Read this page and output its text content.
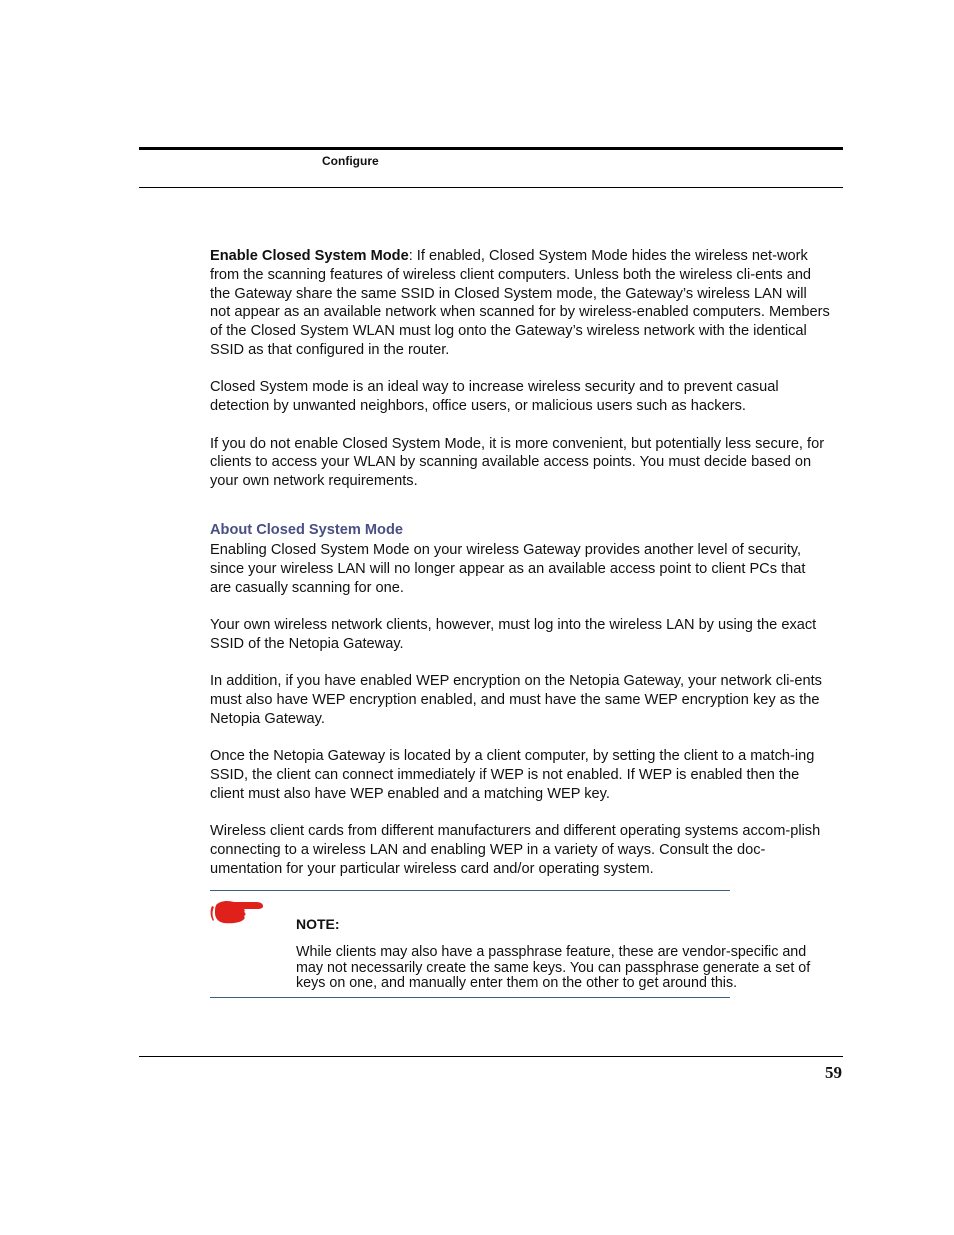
Configure

Enable Closed System Mode: If enabled, Closed System Mode hides the wireless net-work from the scanning features of wireless client computers. Unless both the wireless cli-ents and the Gateway share the same SSID in Closed System mode, the Gateway’s wireless LAN will not appear as an available network when scanned for by wireless-enabled computers. Members of the Closed System WLAN must log onto the Gateway’s wireless network with the identical SSID as that configured in the router.

Closed System mode is an ideal way to increase wireless security and to prevent casual detection by unwanted neighbors, office users, or malicious users such as hackers.

If you do not enable Closed System Mode, it is more convenient, but potentially less secure, for clients to access your WLAN by scanning available access points. You must decide based on your own network requirements.

About Closed System Mode

Enabling Closed System Mode on your wireless Gateway provides another level of security, since your wireless LAN will no longer appear as an available access point to client PCs that are casually scanning for one.

Your own wireless network clients, however, must log into the wireless LAN by using the exact SSID of the Netopia Gateway.

In addition, if you have enabled WEP encryption on the Netopia Gateway, your network cli-ents must also have WEP encryption enabled, and must have the same WEP encryption key as the Netopia Gateway.

Once the Netopia Gateway is located by a client computer, by setting the client to a match-ing SSID, the client can connect immediately if WEP is not enabled. If WEP is enabled then the client must also have WEP enabled and a matching WEP key.

Wireless client cards from different manufacturers and different operating systems accom-plish connecting to a wireless LAN and enabling WEP in a variety of ways. Consult the doc-umentation for your particular wireless card and/or operating system.

NOTE:
While clients may also have a passphrase feature, these are vendor-specific and may not necessarily create the same keys. You can passphrase generate a set of keys on one, and manually enter them on the other to get around this.
59
